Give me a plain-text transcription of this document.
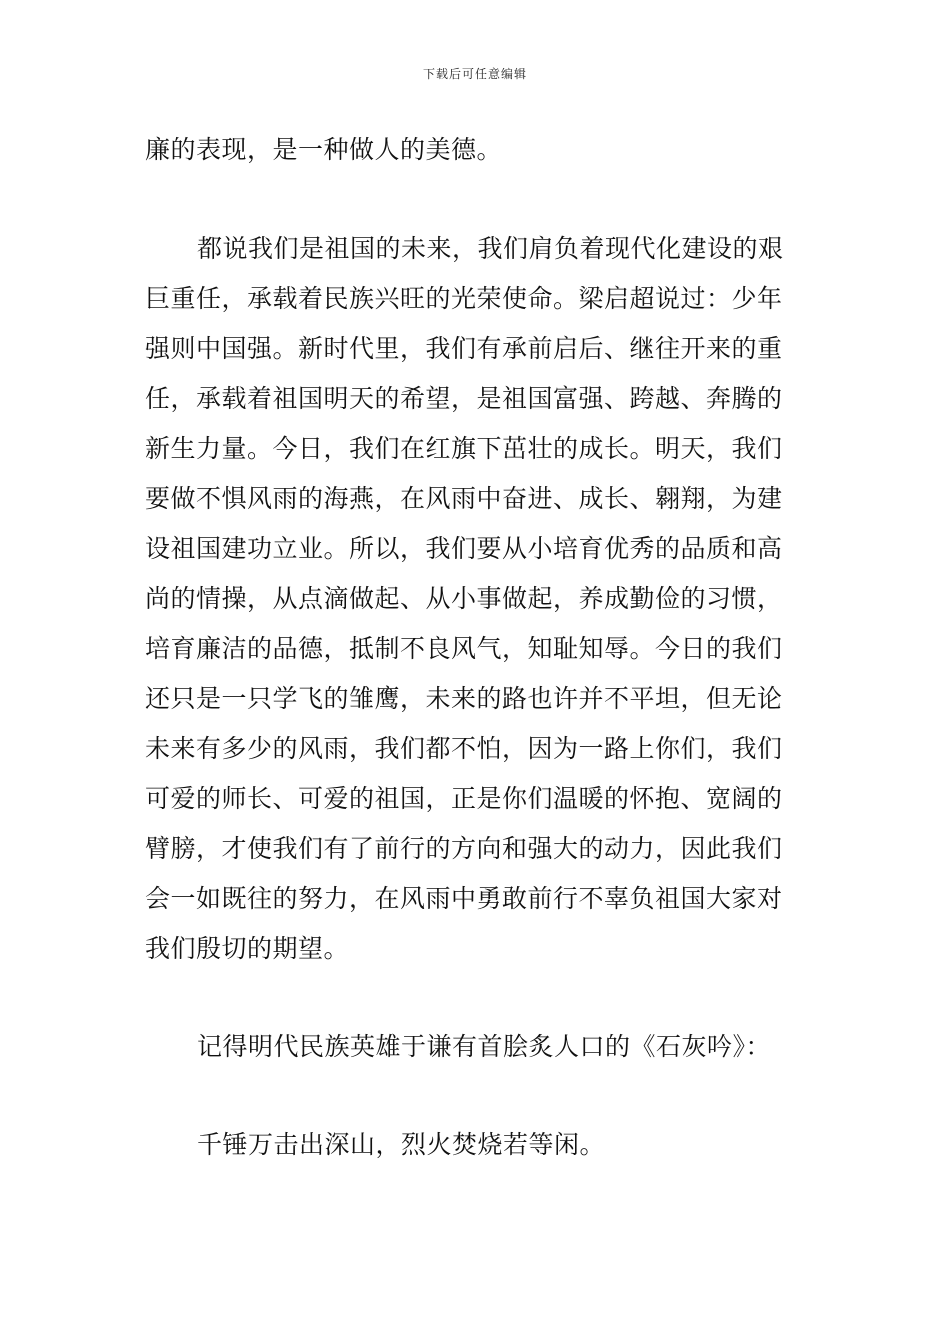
下载后可任意编辑
廉的表现，是一种做人的美德。
都说我们是祖国的未来，我们肩负着现代化建设的艰
巨重任，承载着民族兴旺的光荣使命。梁启超说过：少年
强则中国强。新时代里，我们有承前启后、继往开来的重
任，承载着祖国明天的希望，是祖国富强、跨越、奔腾的
新生力量。今日，我们在红旗下茁壮的成长。明天，我们
要做不惧风雨的海燕，在风雨中奋进、成长、翱翔，为建
设祖国建功立业。所以，我们要从小培育优秀的品质和高
尚的情操，从点滴做起、从小事做起，养成勤俭的习惯，
培育廉洁的品德，抵制不良风气，知耻知辱。今日的我们
还只是一只学飞的雏鹰，未来的路也许并不平坦，但无论
未来有多少的风雨，我们都不怕，因为一路上你们，我们
可爱的师长、可爱的祖国，正是你们温暖的怀抱、宽阔的
臂膀，才使我们有了前行的方向和强大的动力，因此我们
会一如既往的努力，在风雨中勇敢前行不辜负祖国大家对
我们殷切的期望。
记得明代民族英雄于谦有首脍炙人口的《石灰吟》：
千锤万击出深山，烈火焚烧若等闲。
